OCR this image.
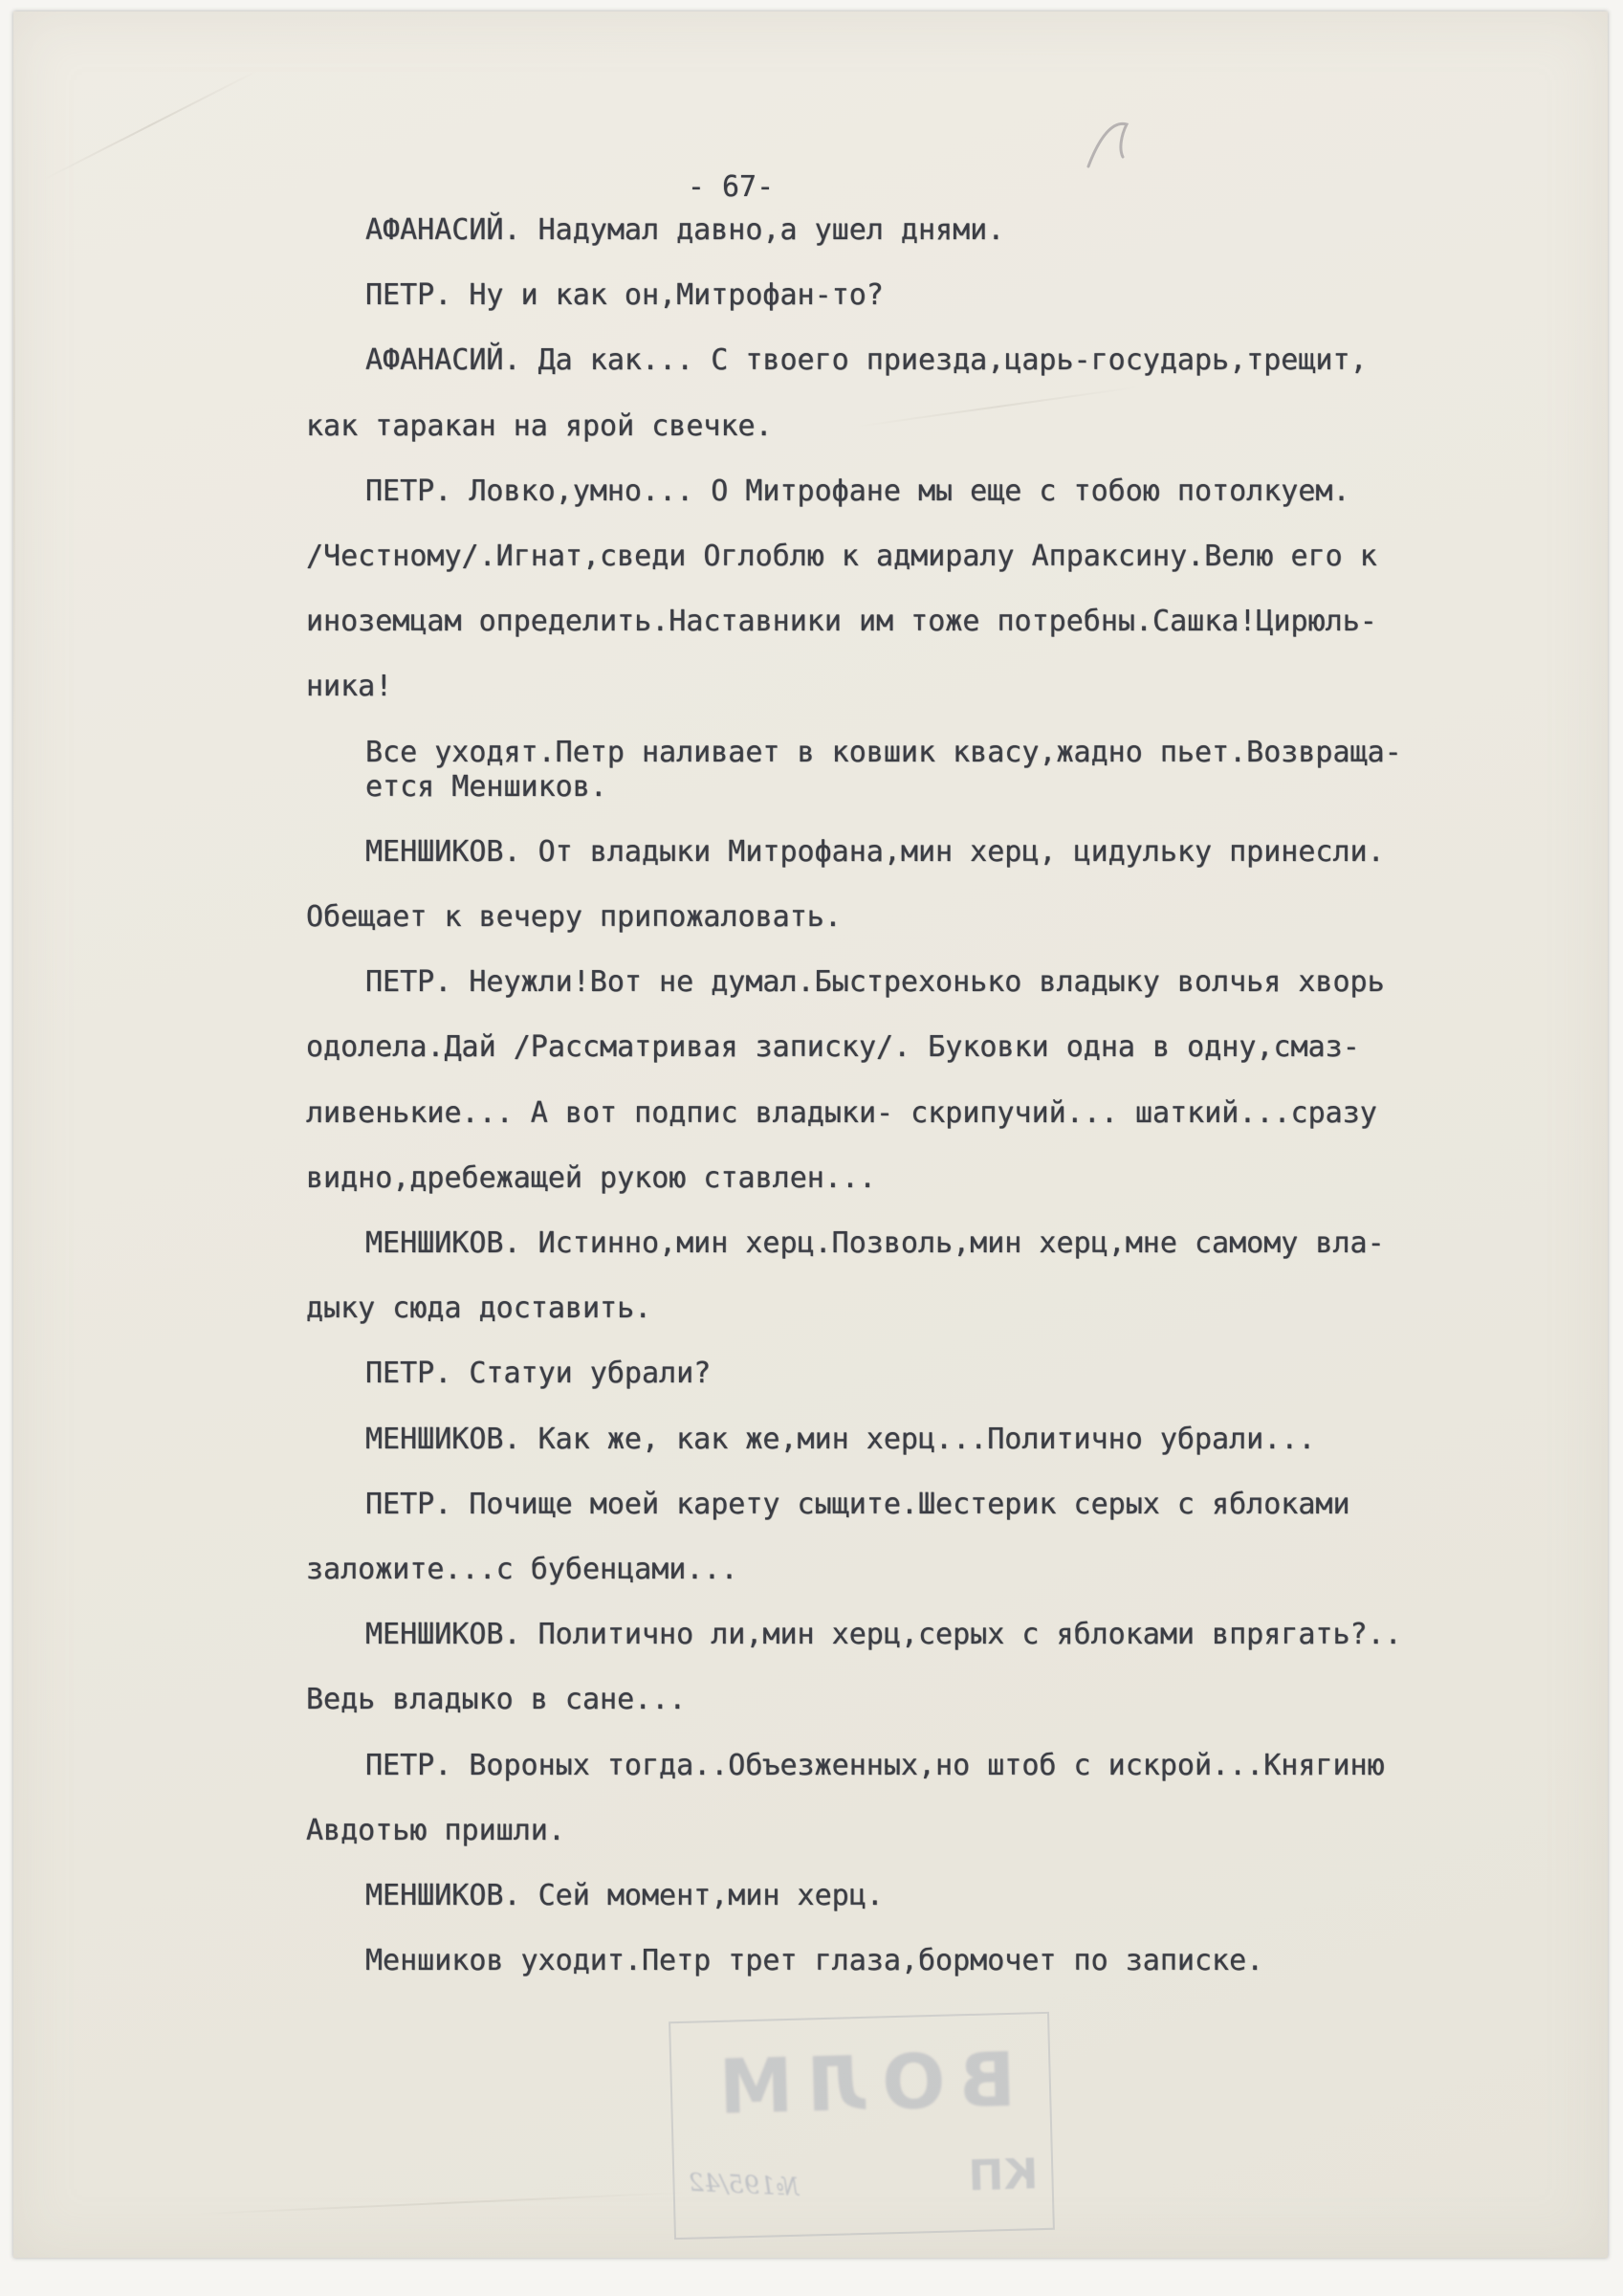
- 67-
АФАНАСИЙ. Надумал давно,а ушел днями.
ПЕТР. Ну и как он,Митрофан-то?
АФАНАСИЙ. Да как... С твоего приезда,царь-государь,трещит,
как таракан на ярой свечке.
ПЕТР. Ловко,умно... О Митрофане мы еще с тобою потолкуем.
/Честному/.Игнат,сведи Оглоблю к адмиралу Апраксину.Велю его к
иноземцам определить.Наставники им тоже потребны.Сашка!Цирюль-
ника!
Все уходят.Петр наливает в ковшик квасу,жадно пьет.Возвраща-
ется Меншиков.
МЕНШИКОВ. От владыки Митрофана,мин херц, цидульку принесли.
Обещает к вечеру припожаловать.
ПЕТР. Неужли!Вот не думал.Быстрехонько владыку волчья хворь
одолела.Дай /Рассматривая записку/. Буковки одна в одну,смаз-
ливенькие... А вот подпис владыки- скрипучий... шаткий...сразу
видно,дребежащей рукою ставлен...
МЕНШИКОВ. Истинно,мин херц.Позволь,мин херц,мне самому вла-
дыку сюда доставить.
ПЕТР. Статуи убрали?
МЕНШИКОВ. Как же, как же,мин херц...Политично убрали...
ПЕТР. Почище моей карету сыщите.Шестерик серых с яблоками
заложите...с бубенцами...
МЕНШИКОВ. Политично ли,мин херц,серых с яблоками впрягать?..
Ведь владыко в сане...
ПЕТР. Вороных тогда..Объезженных,но штоб с искрой...Княгиню
Авдотью пришли.
МЕНШИКОВ. Сей момент,мин херц.
Меншиков уходит.Петр трет глаза,бормочет по записке.
ВОЛМ
КП
№195/42
